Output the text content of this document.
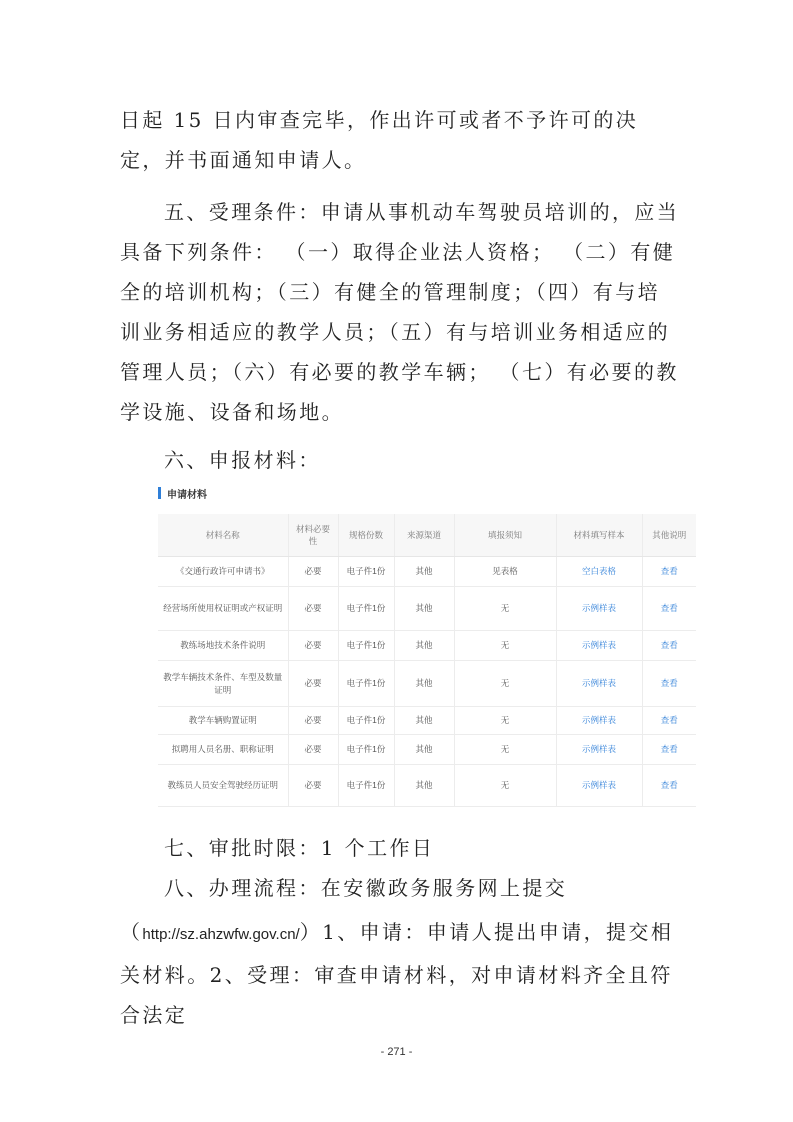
日起 15 日内审查完毕，作出许可或者不予许可的决定，并书面通知申请人。

五、受理条件：申请从事机动车驾驶员培训的，应当具备下列条件： （一）取得企业法人资格； （二）有健全的培训机构；（三）有健全的管理制度；（四）有与培训业务相适应的教学人员；（五）有与培训业务相适应的管理人员；（六）有必要的教学车辆； （七）有必要的教学设施、设备和场地。

六、申报材料：

申请材料
材料名称	材料必要性	规格份数	来源渠道	填报须知	材料填写样本	其他说明
《交通行政许可申请书》	必要	电子件1份	其他	见表格	空白表格	查看
经营场所使用权证明或产权证明	必要	电子件1份	其他	无	示例样表	查看
教练场地技术条件说明	必要	电子件1份	其他	无	示例样表	查看
教学车辆技术条件、车型及数量证明	必要	电子件1份	其他	无	示例样表	查看
教学车辆购置证明	必要	电子件1份	其他	无	示例样表	查看
拟聘用人员名册、职称证明	必要	电子件1份	其他	无	示例样表	查看
教练员人员安全驾驶经历证明	必要	电子件1份	其他	无	示例样表	查看

七、审批时限：1 个工作日

八、办理流程：在安徽政务服务网上提交

（http://sz.ahzwfw.gov.cn/）1、申请：申请人提出申请，提交相关材料。2、受理：审查申请材料，对申请材料齐全且符合法定

- 271 -
